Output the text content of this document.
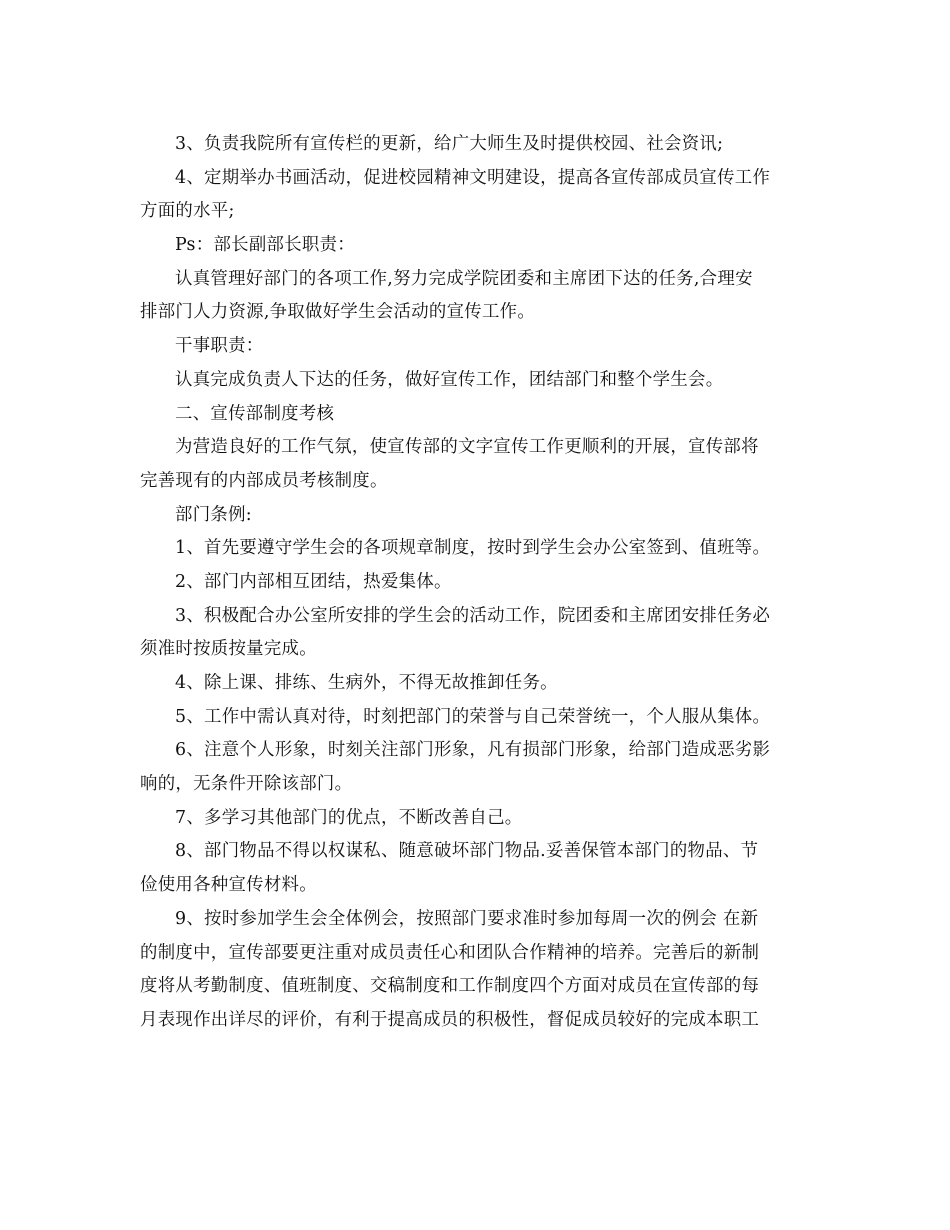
3、负责我院所有宣传栏的更新，给广大师生及时提供校园、社会资讯;

4、定期举办书画活动，促进校园精神文明建设，提高各宣传部成员宣传工作
方面的水平;

Ps：部长副部长职责：

认真管理好部门的各项工作,努力完成学院团委和主席团下达的任务,合理安
排部门人力资源,争取做好学生会活动的宣传工作。

干事职责：

认真完成负责人下达的任务，做好宣传工作，团结部门和整个学生会。

二、宣传部制度考核

为营造良好的工作气氛，使宣传部的文字宣传工作更顺利的开展，宣传部将
完善现有的内部成员考核制度。

部门条例:

1、首先要遵守学生会的各项规章制度，按时到学生会办公室签到、值班等。

2、部门内部相互团结，热爱集体。

3、积极配合办公室所安排的学生会的活动工作，院团委和主席团安排任务必
须准时按质按量完成。

4、除上课、排练、生病外，不得无故推卸任务。

5、工作中需认真对待，时刻把部门的荣誉与自己荣誉统一，个人服从集体。

6、注意个人形象，时刻关注部门形象，凡有损部门形象，给部门造成恶劣影
响的，无条件开除该部门。

7、多学习其他部门的优点，不断改善自己。

8、部门物品不得以权谋私、随意破坏部门物品.妥善保管本部门的物品、节
俭使用各种宣传材料。

9、按时参加学生会全体例会，按照部门要求准时参加每周一次的例会 在新
的制度中，宣传部要更注重对成员责任心和团队合作精神的培养。完善后的新制
度将从考勤制度、值班制度、交稿制度和工作制度四个方面对成员在宣传部的每
月表现作出详尽的评价，有利于提高成员的积极性，督促成员较好的完成本职工
